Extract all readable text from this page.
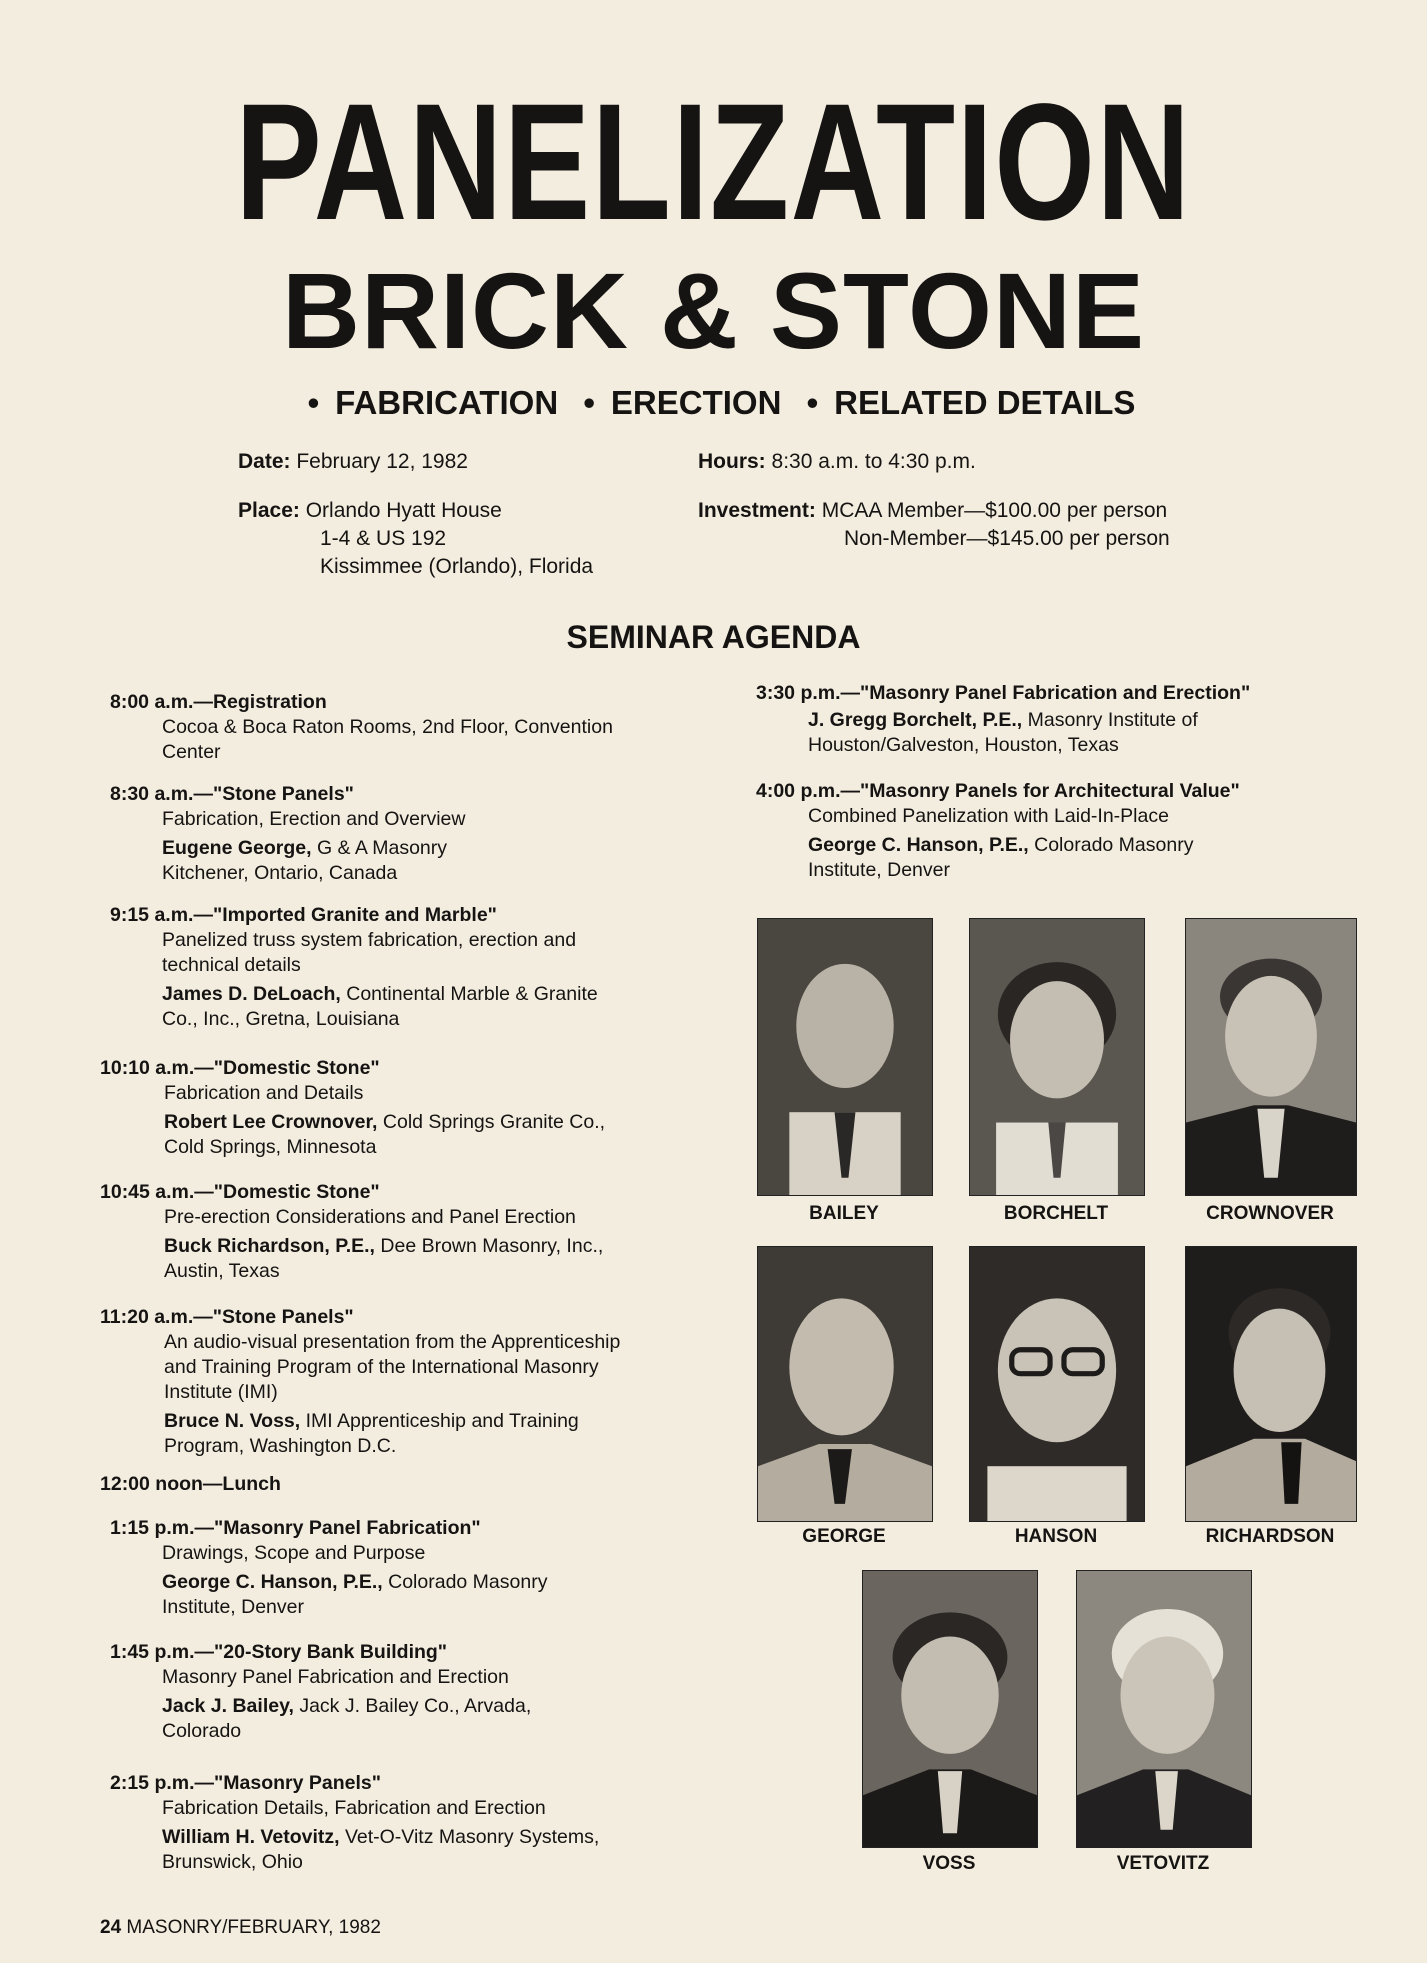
PANELIZATION
BRICK & STONE
• FABRICATION • ERECTION • RELATED DETAILS
Date: February 12, 1982
Place: Orlando Hyatt House
1-4 & US 192
Kissimmee (Orlando), Florida
Hours: 8:30 a.m. to 4:30 p.m.
Investment: MCAA Member—$100.00 per person
Non-Member—$145.00 per person
SEMINAR AGENDA
8:00 a.m.—Registration
Cocoa & Boca Raton Rooms, 2nd Floor, Convention
Center
8:30 a.m.—"Stone Panels"
Fabrication, Erection and Overview
Eugene George, G & A Masonry
Kitchener, Ontario, Canada
9:15 a.m.—"Imported Granite and Marble"
Panelized truss system fabrication, erection and
technical details
James D. DeLoach, Continental Marble & Granite
Co., Inc., Gretna, Louisiana
10:10 a.m.—"Domestic Stone"
Fabrication and Details
Robert Lee Crownover, Cold Springs Granite Co.,
Cold Springs, Minnesota
10:45 a.m.—"Domestic Stone"
Pre-erection Considerations and Panel Erection
Buck Richardson, P.E., Dee Brown Masonry, Inc.,
Austin, Texas
11:20 a.m.—"Stone Panels"
An audio-visual presentation from the Apprenticeship
and Training Program of the International Masonry
Institute (IMI)
Bruce N. Voss, IMI Apprenticeship and Training
Program, Washington D.C.
12:00 noon—Lunch
1:15 p.m.—"Masonry Panel Fabrication"
Drawings, Scope and Purpose
George C. Hanson, P.E., Colorado Masonry
Institute, Denver
1:45 p.m.—"20-Story Bank Building"
Masonry Panel Fabrication and Erection
Jack J. Bailey, Jack J. Bailey Co., Arvada,
Colorado
2:15 p.m.—"Masonry Panels"
Fabrication Details, Fabrication and Erection
William H. Vetovitz, Vet-O-Vitz Masonry Systems,
Brunswick, Ohio
3:30 p.m.—"Masonry Panel Fabrication and Erection"
J. Gregg Borchelt, P.E., Masonry Institute of
Houston/Galveston, Houston, Texas
4:00 p.m.—"Masonry Panels for Architectural Value"
Combined Panelization with Laid-In-Place
George C. Hanson, P.E., Colorado Masonry
Institute, Denver
BAILEY	BORCHELT	CROWNOVER
GEORGE	HANSON	RICHARDSON
VOSS	VETOVITZ
24 MASONRY/FEBRUARY, 1982
